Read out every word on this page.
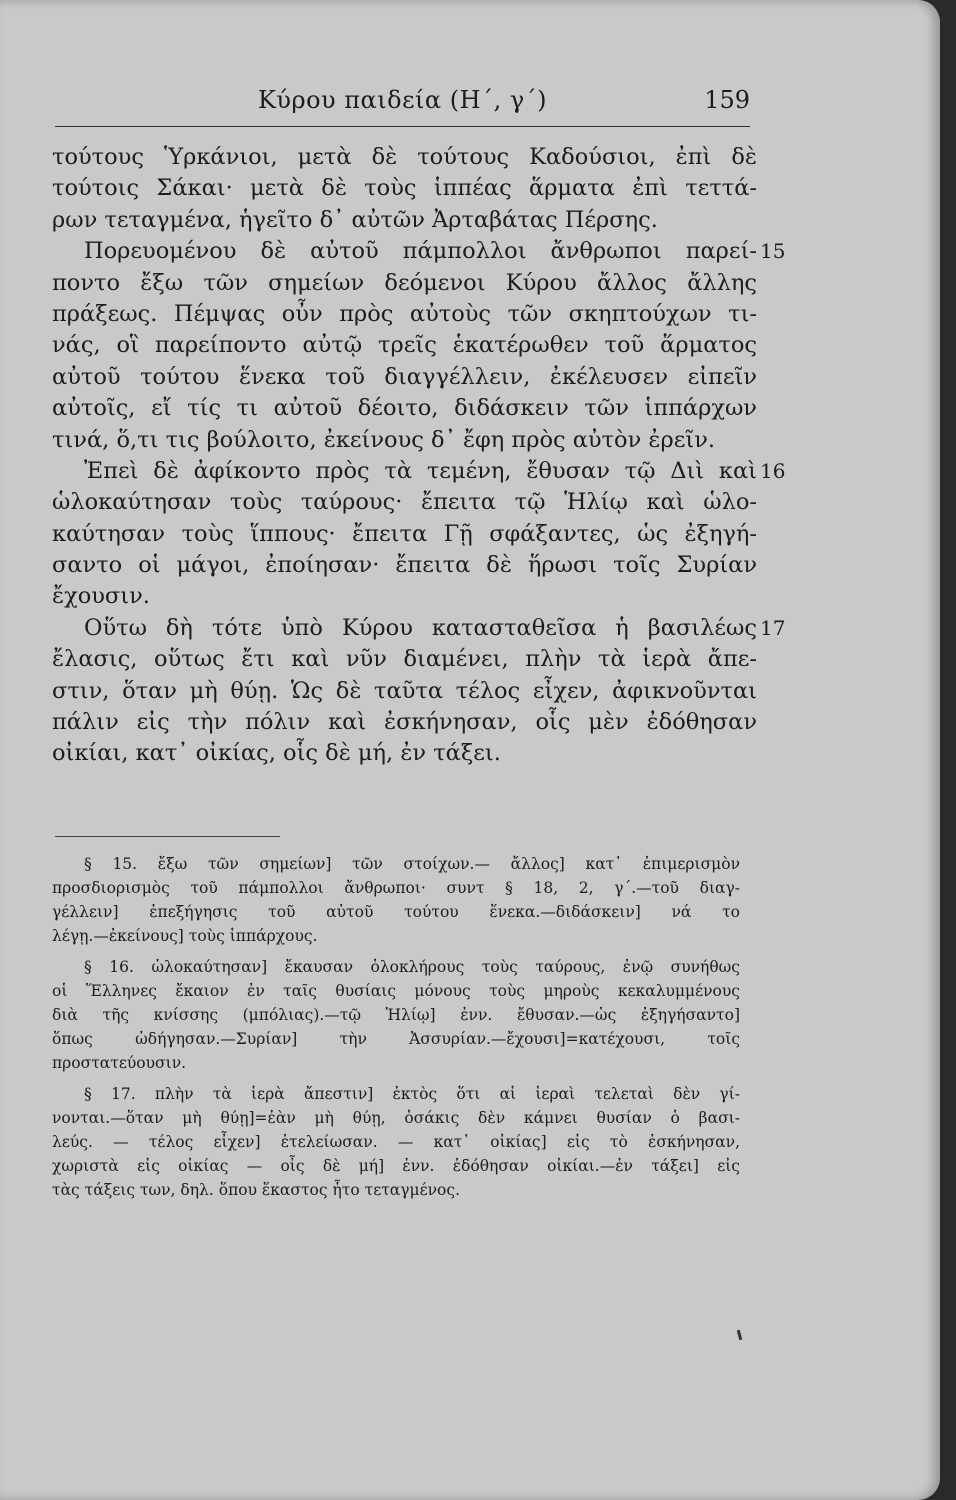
Κύρου παιδεία (Η΄, γ΄)	159
τούτους Ὑρκάνιοι, μετὰ δὲ τούτους Καδούσιοι, ἐπὶ δὲ
τούτοις Σάκαι· μετὰ δὲ τοὺς ἱππέας ἅρματα ἐπὶ τεττά-
ρων τεταγμένα, ἡγεῖτο δ᾽ αὐτῶν Ἀρταβάτας Πέρσης.
Πορευομένου δὲ αὐτοῦ πάμπολλοι ἄνθρωποι παρεί- 15
ποντο ἔξω τῶν σημείων δεόμενοι Κύρου ἄλλος ἄλλης
πράξεως. Πέμψας οὖν πρὸς αὐτοὺς τῶν σκηπτούχων τι-
νάς, οἳ παρείποντο αὐτῷ τρεῖς ἑκατέρωθεν τοῦ ἅρματος
αὐτοῦ τούτου ἕνεκα τοῦ διαγγέλλειν, ἐκέλευσεν εἰπεῖν
αὐτοῖς, εἴ τίς τι αὐτοῦ δέοιτο, διδάσκειν τῶν ἱππάρχων
τινά, ὅ,τι τις βούλοιτο, ἐκείνους δ᾽ ἔφη πρὸς αὐτὸν ἐρεῖν.
Ἐπεὶ δὲ ἀφίκοντο πρὸς τὰ τεμένη, ἔθυσαν τῷ Διὶ καὶ 16
ὡλοκαύτησαν τοὺς ταύρους· ἔπειτα τῷ Ἡλίῳ καὶ ὡλο-
καύτησαν τοὺς ἵππους· ἔπειτα Γῇ σφάξαντες, ὡς ἐξηγή-
σαντο οἱ μάγοι, ἐποίησαν· ἔπειτα δὲ ἥρωσι τοῖς Συρίαν
ἔχουσιν.
Οὕτω δὴ τότε ὑπὸ Κύρου κατασταθεῖσα ἡ βασιλέως 17
ἔλασις, οὕτως ἔτι καὶ νῦν διαμένει, πλὴν τὰ ἱερὰ ἄπε-
στιν, ὅταν μὴ θύῃ. Ὡς δὲ ταῦτα τέλος εἶχεν, ἀφικνοῦνται
πάλιν εἰς τὴν πόλιν καὶ ἐσκήνησαν, οἷς μὲν ἐδόθησαν
οἰκίαι, κατ᾽ οἰκίας, οἷς δὲ μή, ἐν τάξει.
§ 15. ἔξω τῶν σημείων] τῶν στοίχων.— ἄλλος] κατ᾽ ἐπιμερισμὸν
προσδιορισμὸς τοῦ πάμπολλοι ἄνθρωποι· συντ § 18, 2, γ΄.—τοῦ διαγ-
γέλλειν] ἐπεξήγησις τοῦ αὐτοῦ τούτου ἕνεκα.—διδάσκειν] νά το
λέγῃ.—ἐκείνους] τοὺς ἱππάρχους.
§ 16. ὡλοκαύτησαν] ἔκαυσαν ὁλοκλήρους τοὺς ταύρους, ἐνῷ συνήθως
οἱ Ἕλληνες ἔκαιον ἐν ταῖς θυσίαις μόνους τοὺς μηροὺς κεκαλυμμένους
διὰ τῆς κνίσσης (μπόλιας).—τῷ Ἡλίῳ] ἐνν. ἔθυσαν.—ὡς ἐξηγήσαντο]
ὅπως ὡδήγησαν.—Συρίαν] τὴν Ἀσσυρίαν.—ἔχουσι]=κατέχουσι, τοῖς
προστατεύουσιν.
§ 17. πλὴν τὰ ἱερὰ ἄπεστιν] ἐκτὸς ὅτι αἱ ἱεραὶ τελεταὶ δὲν γί-
νονται.—ὅταν μὴ θύῃ]=ἐὰν μὴ θύῃ, ὁσάκις δὲν κάμνει θυσίαν ὁ βασι-
λεύς. — τέλος εἶχεν] ἐτελείωσαν. — κατ᾽ οἰκίας] εἰς τὸ ἐσκήνησαν,
χωριστὰ εἰς οἰκίας — οἷς δὲ μή] ἐνν. ἐδόθησαν οἰκίαι.—ἐν τάξει] εἰς
τὰς τάξεις των, δηλ. ὅπου ἕκαστος ἦτο τεταγμένος.
